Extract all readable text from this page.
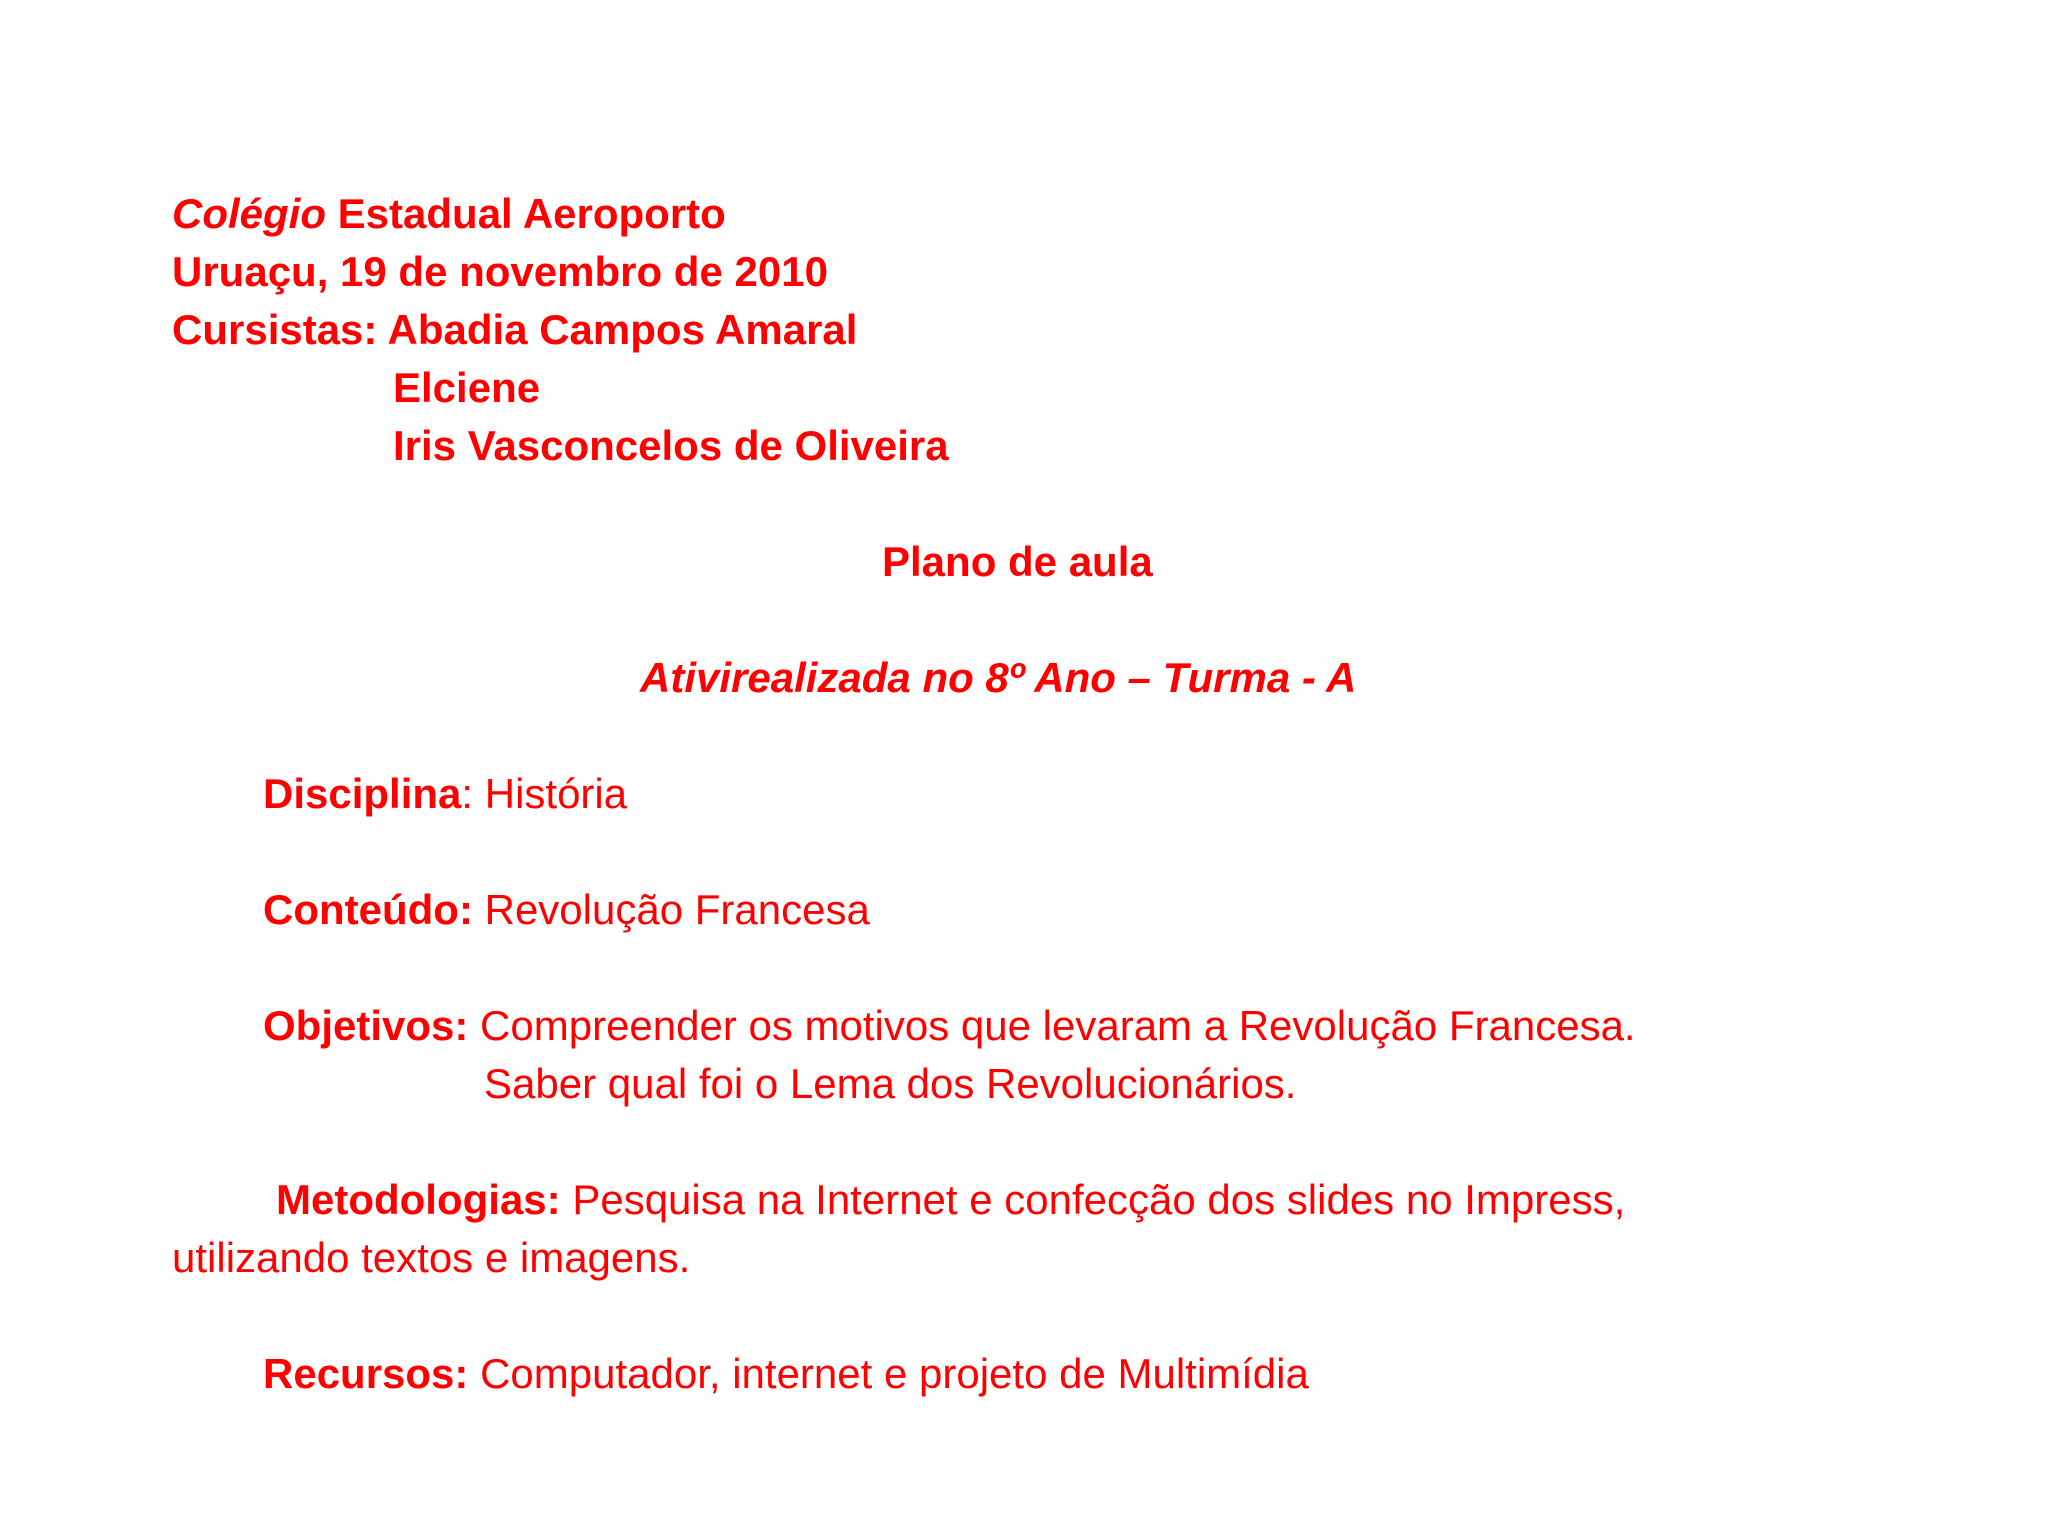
Colégio Estadual Aeroporto
Uruaçu, 19 de novembro de 2010
Cursistas: Abadia Campos Amaral
Elciene
Iris Vasconcelos de Oliveira
Plano de aula
Ativirealizada no 8º Ano – Turma - A
Disciplina: História
Conteúdo: Revolução Francesa
Objetivos: Compreender os motivos que levaram a Revolução Francesa.
Saber qual foi o Lema dos Revolucionários.
Metodologias: Pesquisa na Internet e confecção dos slides no Impress,
utilizando textos e imagens.
Recursos: Computador, internet e projeto de Multimídia
